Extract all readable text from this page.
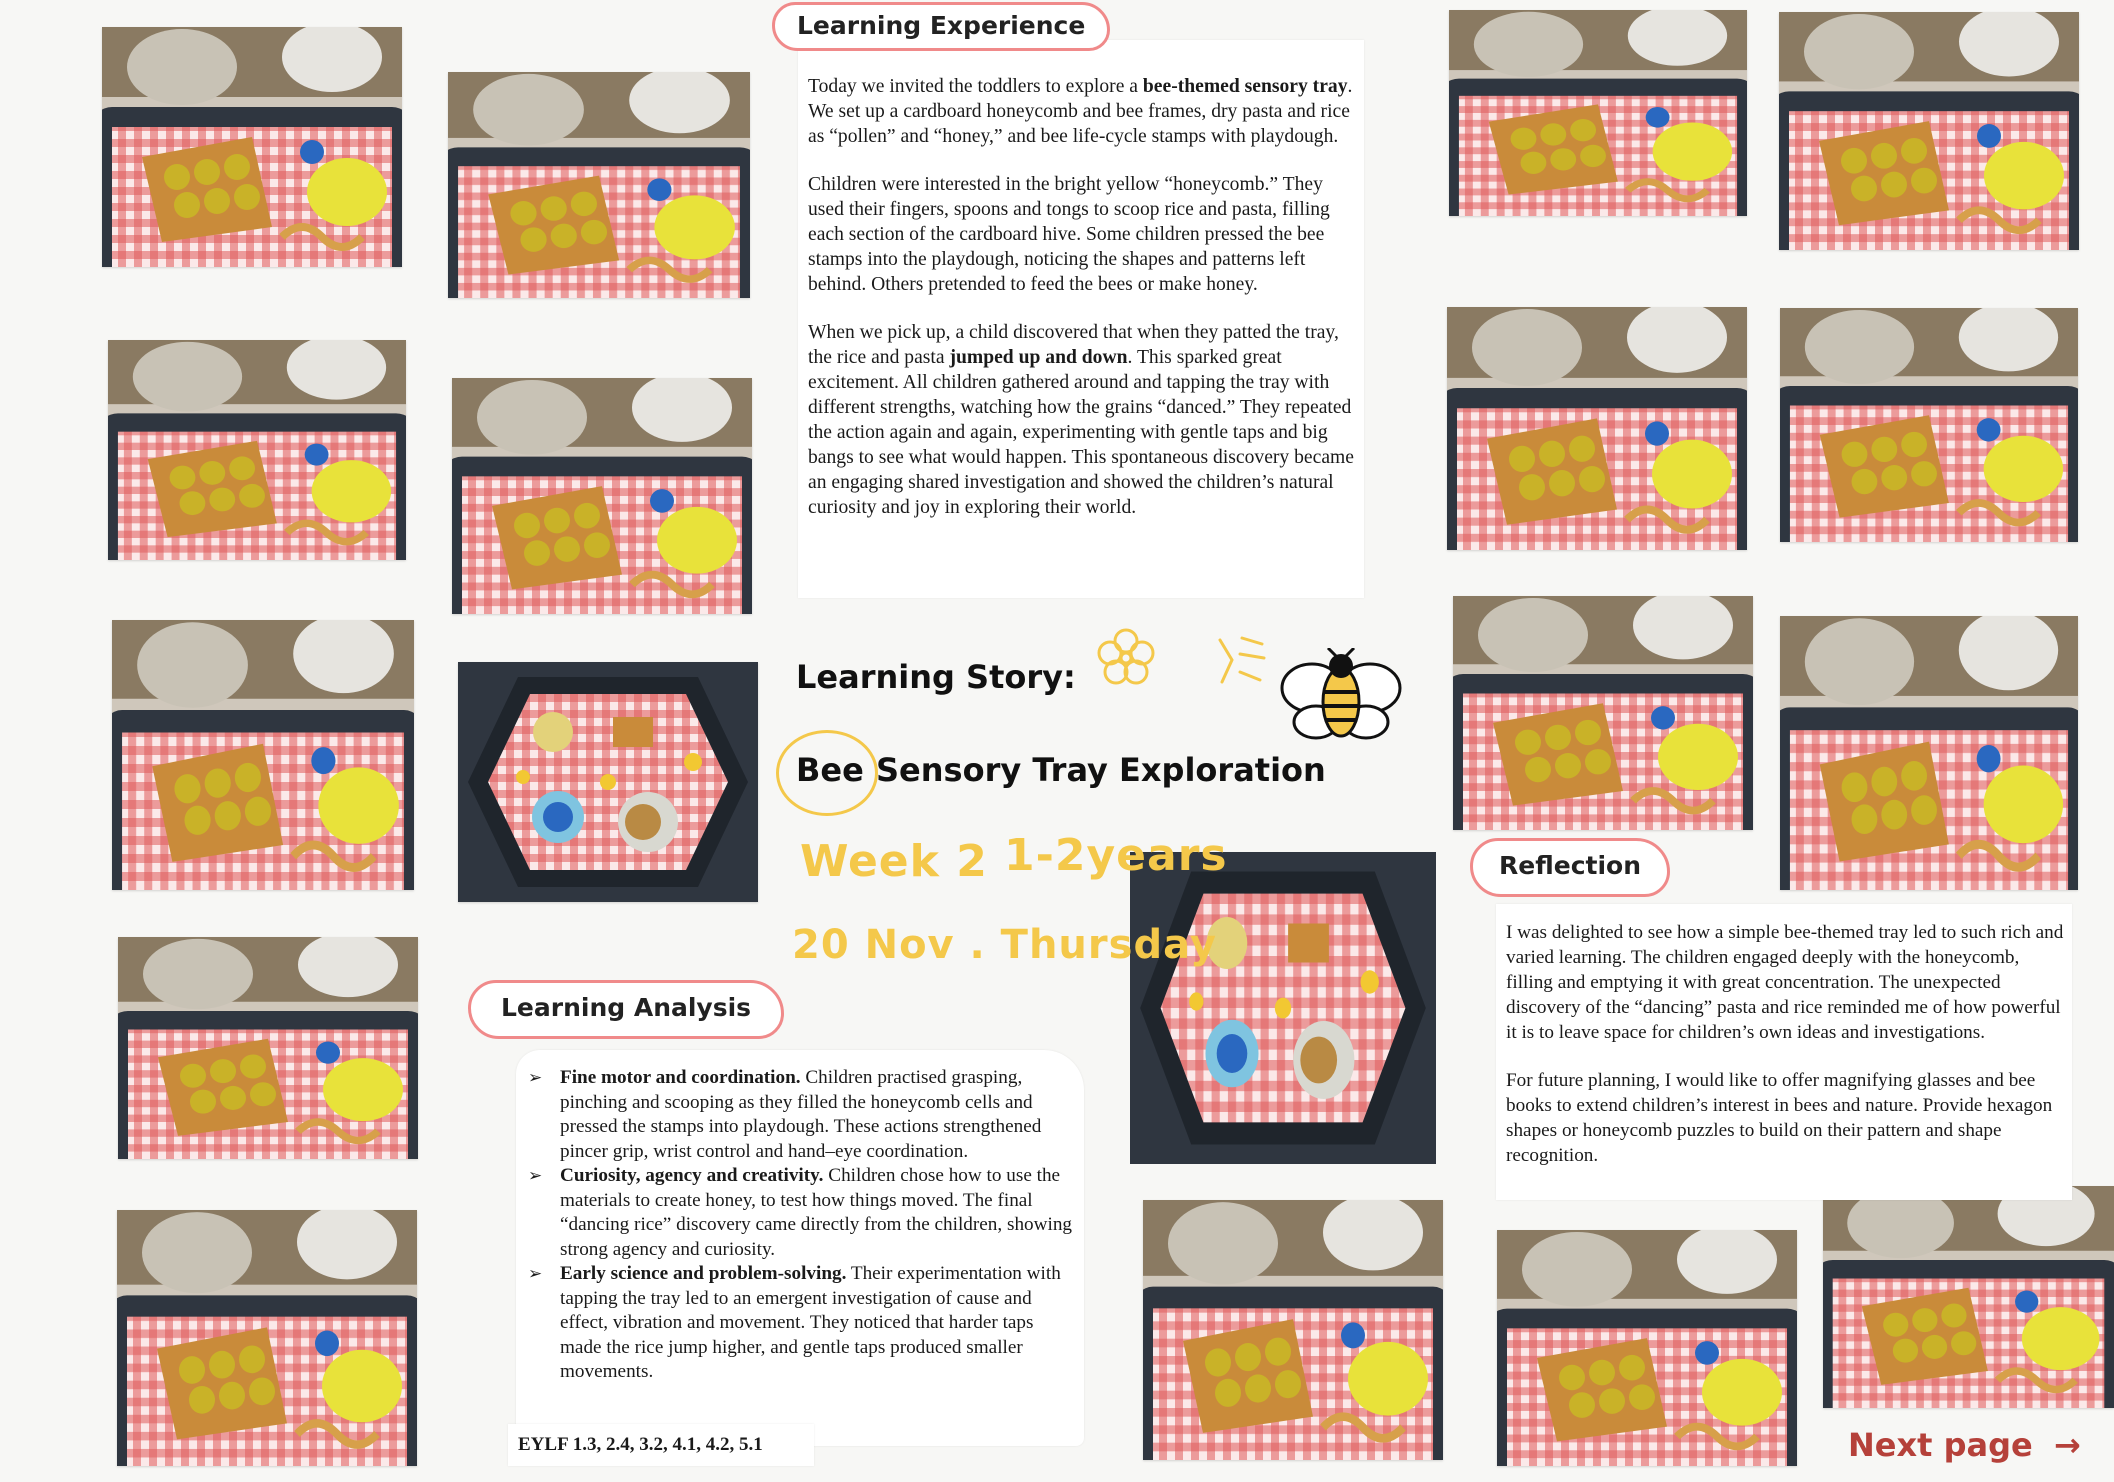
Learning Experience

Today we invited the toddlers to explore a bee-themed sensory tray. We set up a cardboard honeycomb and bee frames, dry pasta and rice as “pollen” and “honey,” and bee life-cycle stamps with playdough.

Children were interested in the bright yellow “honeycomb.” They used their fingers, spoons and tongs to scoop rice and pasta, filling each section of the cardboard hive. Some children pressed the bee stamps into the playdough, noticing the shapes and patterns left behind. Others pretended to feed the bees or make honey.

When we pick up, a child discovered that when they patted the tray, the rice and pasta jumped up and down. This sparked great excitement. All children gathered around and tapping the tray with different strengths, watching how the grains “danced.” They repeated the action again and again, experimenting with gentle taps and big bangs to see what would happen. This spontaneous discovery became an engaging shared investigation and showed the children’s natural curiosity and joy in exploring their world.

Learning Story:
Bee Sensory Tray Exploration
Week 2 1-2years
20 Nov . Thursday
Learning Analysis
➢ Fine motor and coordination. Children practised grasping, pinching and scooping as they filled the honeycomb cells and pressed the stamps into playdough. These actions strengthened pincer grip, wrist control and hand–eye coordination.
➢ Curiosity, agency and creativity. Children chose how to use the materials to create honey, to test how things moved. The final “dancing rice” discovery came directly from the children, showing strong agency and curiosity.
➢ Early science and problem-solving. Their experimentation with tapping the tray led to an emergent investigation of cause and effect, vibration and movement. They noticed that harder taps made the rice jump higher, and gentle taps produced smaller movements.
EYLF 1.3, 2.4, 3.2, 4.1, 4.2, 5.1
Reflection

I was delighted to see how a simple bee-themed tray led to such rich and varied learning. The children engaged deeply with the honeycomb, filling and emptying it with great concentration. The unexpected discovery of the “dancing” pasta and rice reminded me of how powerful it is to leave space for children’s own ideas and investigations.

For future planning, I would like to offer magnifying glasses and bee books to extend children’s interest in bees and nature. Provide hexagon shapes or honeycomb puzzles to build on their pattern and shape recognition.

Next page →
